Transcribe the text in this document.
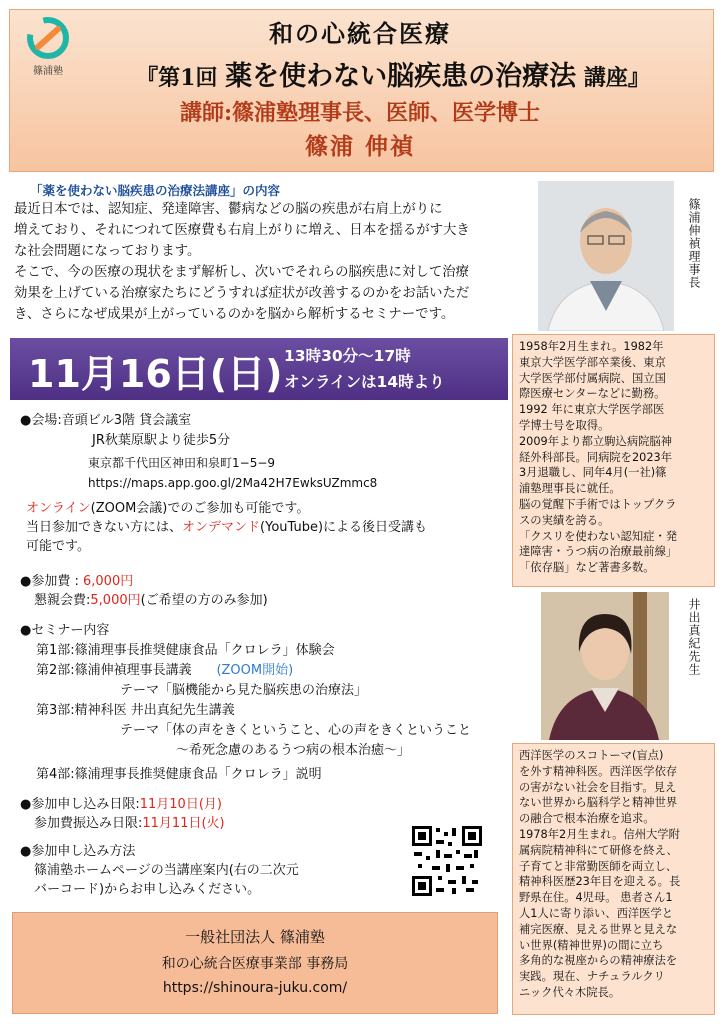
篠浦塾
和の心統合医療
『第1回 薬を使わない脳疾患の治療法 講座』
講師:篠浦塾理事長、医師、医学博士
篠浦 伸禎
「薬を使わない脳疾患の治療法講座」の内容
最近日本では、認知症、発達障害、鬱病などの脳の疾患が右肩上がりに
増えており、それにつれて医療費も右肩上がりに増え、日本を揺るがす大き
な社会問題になっております。
そこで、今の医療の現状をまず解析し、次いでそれらの脳疾患に対して治療
効果を上げている治療家たちにどうすれば症状が改善するのかをお話いただ
き、さらになぜ成果が上がっているのかを脳から解析するセミナーです。
篠浦伸禎理事長
11月16日(日) 13時30分〜17時
オンラインは14時より
1958年2月生まれ。1982年
東京大学医学部卒業後、東京
大学医学部付属病院、国立国
際医療センターなどに勤務。
1992 年に東京大学医学部医
学博士号を取得。
2009年より都立駒込病院脳神
経外科部長。同病院を2023年
3月退職し、同年4月(一社)篠
浦塾理事長に就任。
脳の覚醒下手術ではトップクラ
スの実績を誇る。
「クスリを使わない認知症・発
達障害・うつ病の治療最前線」
「依存脳」など著書多数。
井出真紀先生
西洋医学のスコトーマ(盲点)
を外す精神科医。西洋医学依存
の害がない社会を目指す。見え
ない世界から脳科学と精神世界
の融合で根本治療を追求。
1978年2月生まれ。信州大学附
属病院精神科にて研修を終え、
子育てと非常勤医師を両立し、
精神科医歴23年目を迎える。長
野県在住。4児母。 患者さん1
人1人に寄り添い、西洋医学と
補完医療、見える世界と見えな
い世界(精神世界)の間に立ち
多角的な視座からの精神療法を
実践。現在、ナチュラルクリ
ニック代々木院長。
●会場:音頭ビル3階 貸会議室
JR秋葉原駅より徒歩5分
東京都千代田区神田和泉町1−5−9
https://maps.app.goo.gl/2Ma42H7EwksUZmmc8
オンライン(ZOOM会議)でのご参加も可能です。
当日参加できない方には、オンデマンド(YouTube)による後日受講も
可能です。
●参加費 : 6,000円
懇親会費:5,000円(ご希望の方のみ参加)
●セミナー内容
第1部:篠浦理事長推奨健康食品「クロレラ」体験会
第2部:篠浦伸禎理事長講義 (ZOOM開始)
テーマ「脳機能から見た脳疾患の治療法」
第3部:精神科医 井出真紀先生講義
テーマ「体の声をきくということ、心の声をきくということ
〜希死念慮のあるうつ病の根本治癒〜」
第4部:篠浦理事長推奨健康食品「クロレラ」説明
●参加申し込み日限:11月10日(月)
参加費振込み日限:11月11日(火)
●参加申し込み方法
篠浦塾ホームページの当講座案内(右の二次元
バーコード)からお申し込みください。
一般社団法人 篠浦塾
和の心統合医療事業部 事務局
https://shinoura-juku.com/
